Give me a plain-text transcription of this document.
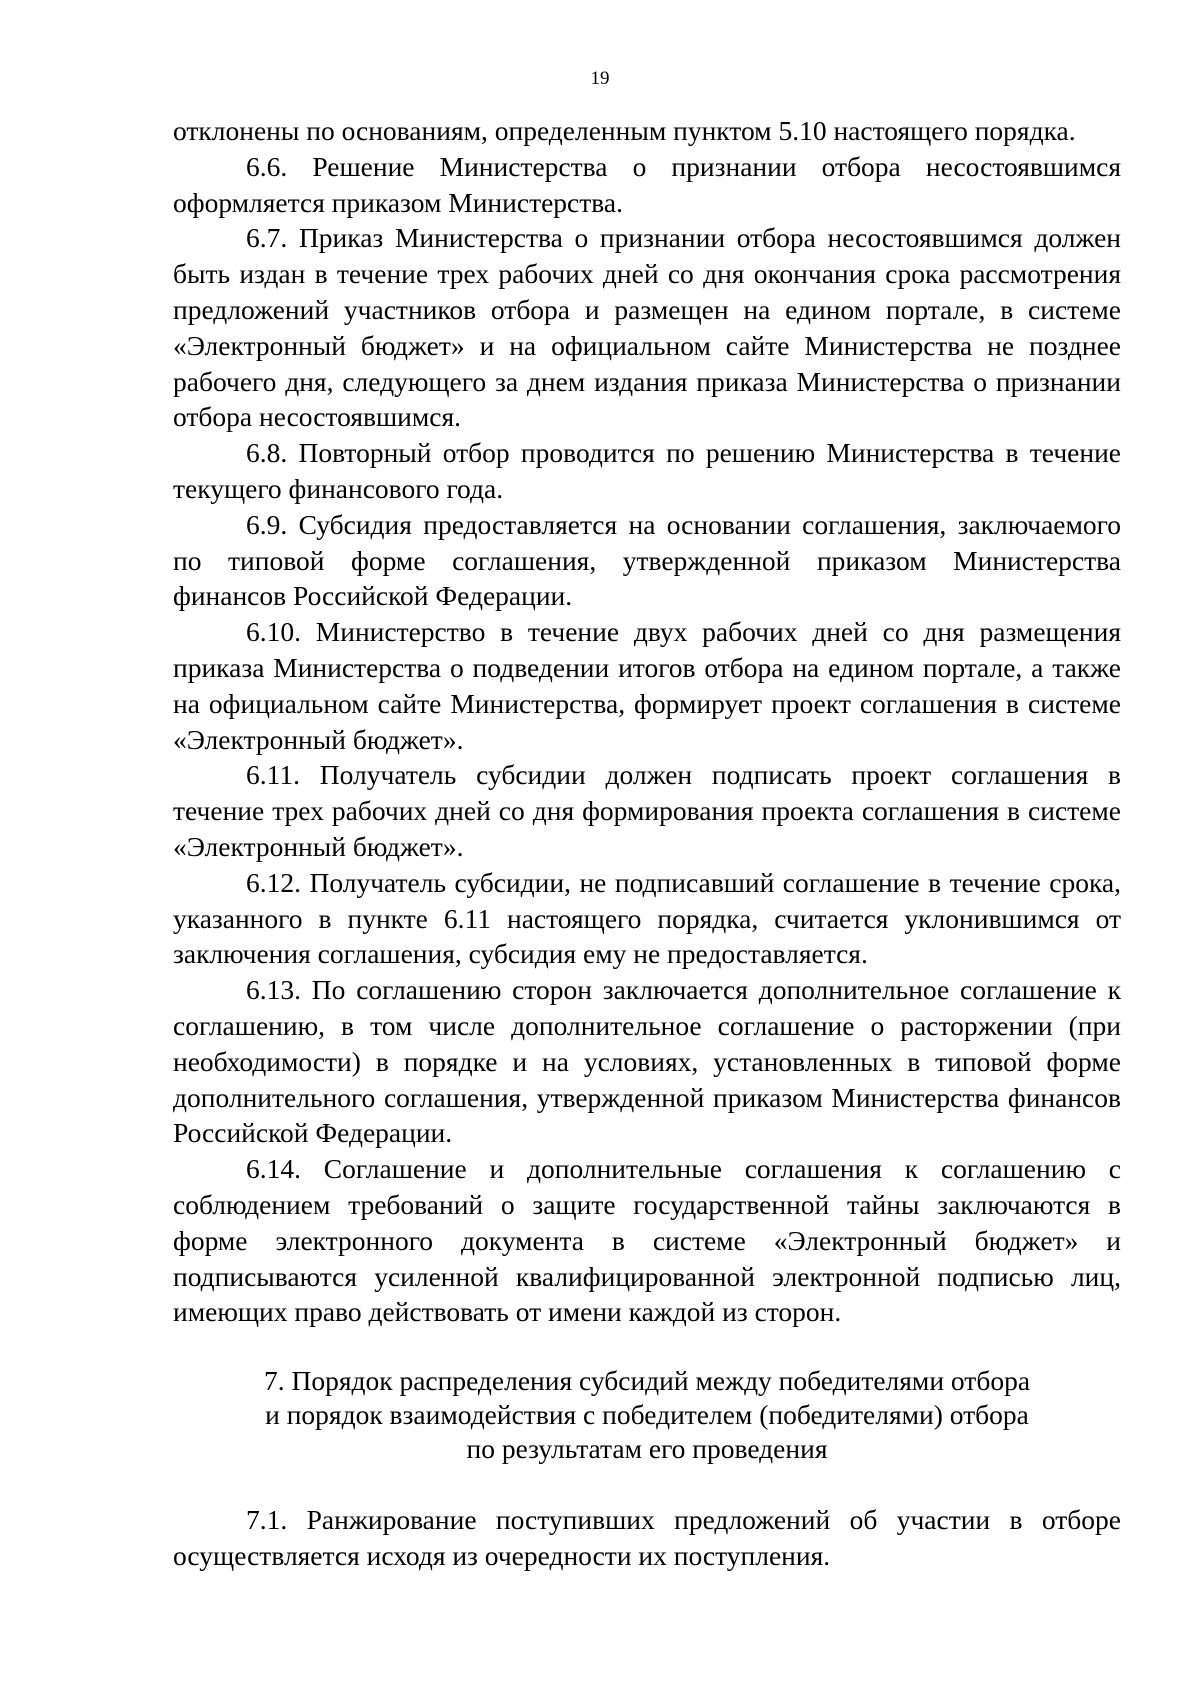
19

отклонены по основаниям, определенным пунктом 5.10 настоящего порядка.

6.6. Решение Министерства о признании отбора несостоявшимся оформляется приказом Министерства.

6.7. Приказ Министерства о признании отбора несостоявшимся должен быть издан в течение трех рабочих дней со дня окончания срока рассмотрения предложений участников отбора и размещен на едином портале, в системе «Электронный бюджет» и на официальном сайте Министерства не позднее рабочего дня, следующего за днем издания приказа Министерства о признании отбора несостоявшимся.

6.8. Повторный отбор проводится по решению Министерства в течение текущего финансового года.

6.9. Субсидия предоставляется на основании соглашения, заключаемого по типовой форме соглашения, утвержденной приказом Министерства финансов Российской Федерации.

6.10. Министерство в течение двух рабочих дней со дня размещения приказа Министерства о подведении итогов отбора на едином портале, а также на официальном сайте Министерства, формирует проект соглашения в системе «Электронный бюджет».

6.11. Получатель субсидии должен подписать проект соглашения в течение трех рабочих дней со дня формирования проекта соглашения в системе «Электронный бюджет».

6.12. Получатель субсидии, не подписавший соглашение в течение срока, указанного в пункте 6.11 настоящего порядка, считается уклонившимся от заключения соглашения, субсидия ему не предоставляется.

6.13. По соглашению сторон заключается дополнительное соглашение к соглашению, в том числе дополнительное соглашение о расторжении (при необходимости) в порядке и на условиях, установленных в типовой форме дополнительного соглашения, утвержденной приказом Министерства финансов Российской Федерации.

6.14. Соглашение и дополнительные соглашения к соглашению с соблюдением требований о защите государственной тайны заключаются в форме электронного документа в системе «Электронный бюджет» и подписываются усиленной квалифицированной электронной подписью лиц, имеющих право действовать от имени каждой из сторон.

7. Порядок распределения субсидий между победителями отбора
и порядок взаимодействия с победителем (победителями) отбора
по результатам его проведения

7.1. Ранжирование поступивших предложений об участии в отборе осуществляется исходя из очередности их поступления.
